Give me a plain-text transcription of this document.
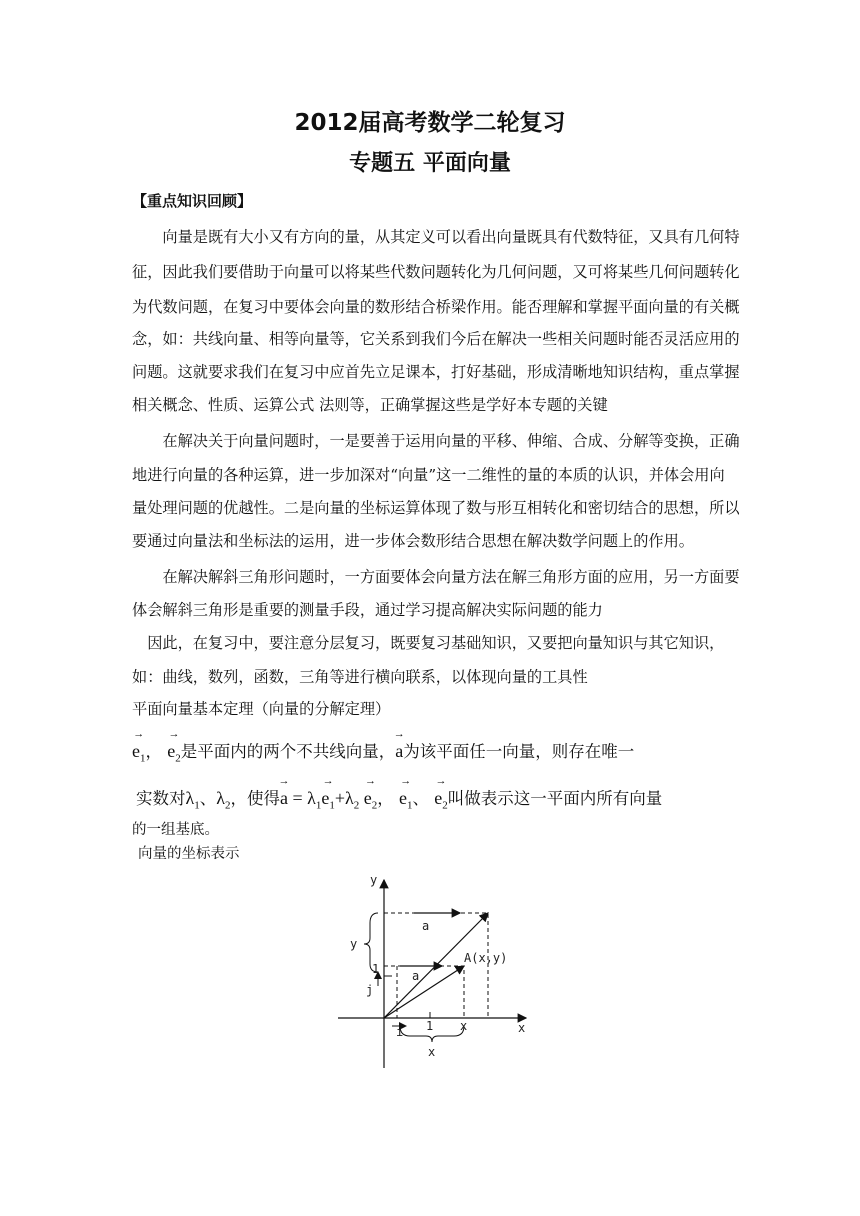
2012届高考数学二轮复习
专题五 平面向量
【重点知识回顾】
　　向量是既有大小又有方向的量，从其定义可以看出向量既具有代数特征，又具有几何特
征，因此我们要借助于向量可以将某些代数问题转化为几何问题，又可将某些几何问题转化
为代数问题，在复习中要体会向量的数形结合桥梁作用。能否理解和掌握平面向量的有关概
念，如：共线向量、相等向量等，它关系到我们今后在解决一些相关问题时能否灵活应用的
问题。这就要求我们在复习中应首先立足课本，打好基础，形成清晰地知识结构，重点掌握
相关概念、性质、运算公式 法则等，正确掌握这些是学好本专题的关键
　　在解决关于向量问题时，一是要善于运用向量的平移、伸缩、合成、分解等变换，正确
地进行向量的各种运算，进一步加深对“向量”这一二维性的量的本质的认识，并体会用向
量处理问题的优越性。二是向量的坐标运算体现了数与形互相转化和密切结合的思想，所以
要通过向量法和坐标法的运用，进一步体会数形结合思想在解决数学问题上的作用。
　　在解决解斜三角形问题时，一方面要体会向量方法在解三角形方面的应用，另一方面要
体会解斜三角形是重要的测量手段，通过学习提高解决实际问题的能力
　因此，在复习中，要注意分层复习，既要复习基础知识，又要把向量知识与其它知识，
如：曲线，数列，函数，三角等进行横向联系，以体现向量的工具性
平面向量基本定理（向量的分解定理）
→ $e_1$， → $e_2$是平面内的两个不共线向量，→ a为该平面任一向量，则存在唯一
实数对$\lambda_1$、$\lambda_2$，使得→ $a = \lambda_1\to e_1+\lambda_2 \to e_2$， → $e_1$、 → $e_2$叫做表示这一平面内所有向量
的一组基底。
向量的坐标表示
y
x
y
x
1
1
j
i	x
a
a
A(x,y)
